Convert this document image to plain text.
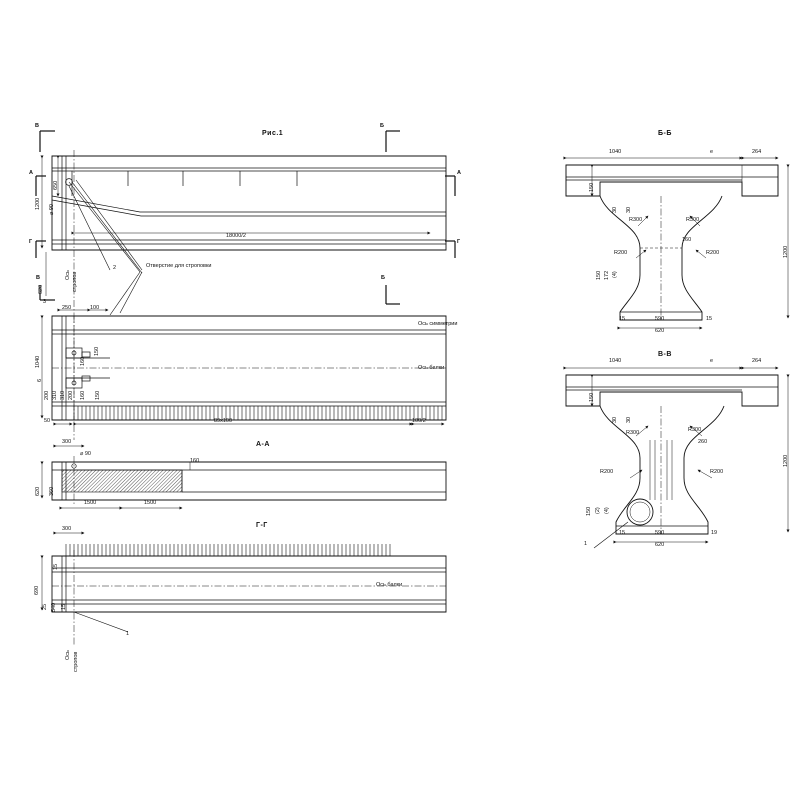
Рис.1
А-А
Г-Г
Б-Б
В-В
В	Б
А	А
Г	Г
Б
В
18000/2
Отверстие для строповки
2
3
250	100
Ось симметрии
Ось балки
50	89х100	100/2
1200
650
⌀ 90
Ось стропов
620
1040
6
200 310 310 200
160
150
160 150
300
⌀ 90
160
620 360
1500	1500
300
15
690
25 540 15
Ось балки
1
Ось стропов
1040	е	264
150
30 30
R300	R300
1200
160
R200	R200
150 172 (4)
15	590	15
620
1040	е	264
150
30 30
R300	R300
1200
260
R200	R200
150 (2) (4)
1
15	590	19
620
